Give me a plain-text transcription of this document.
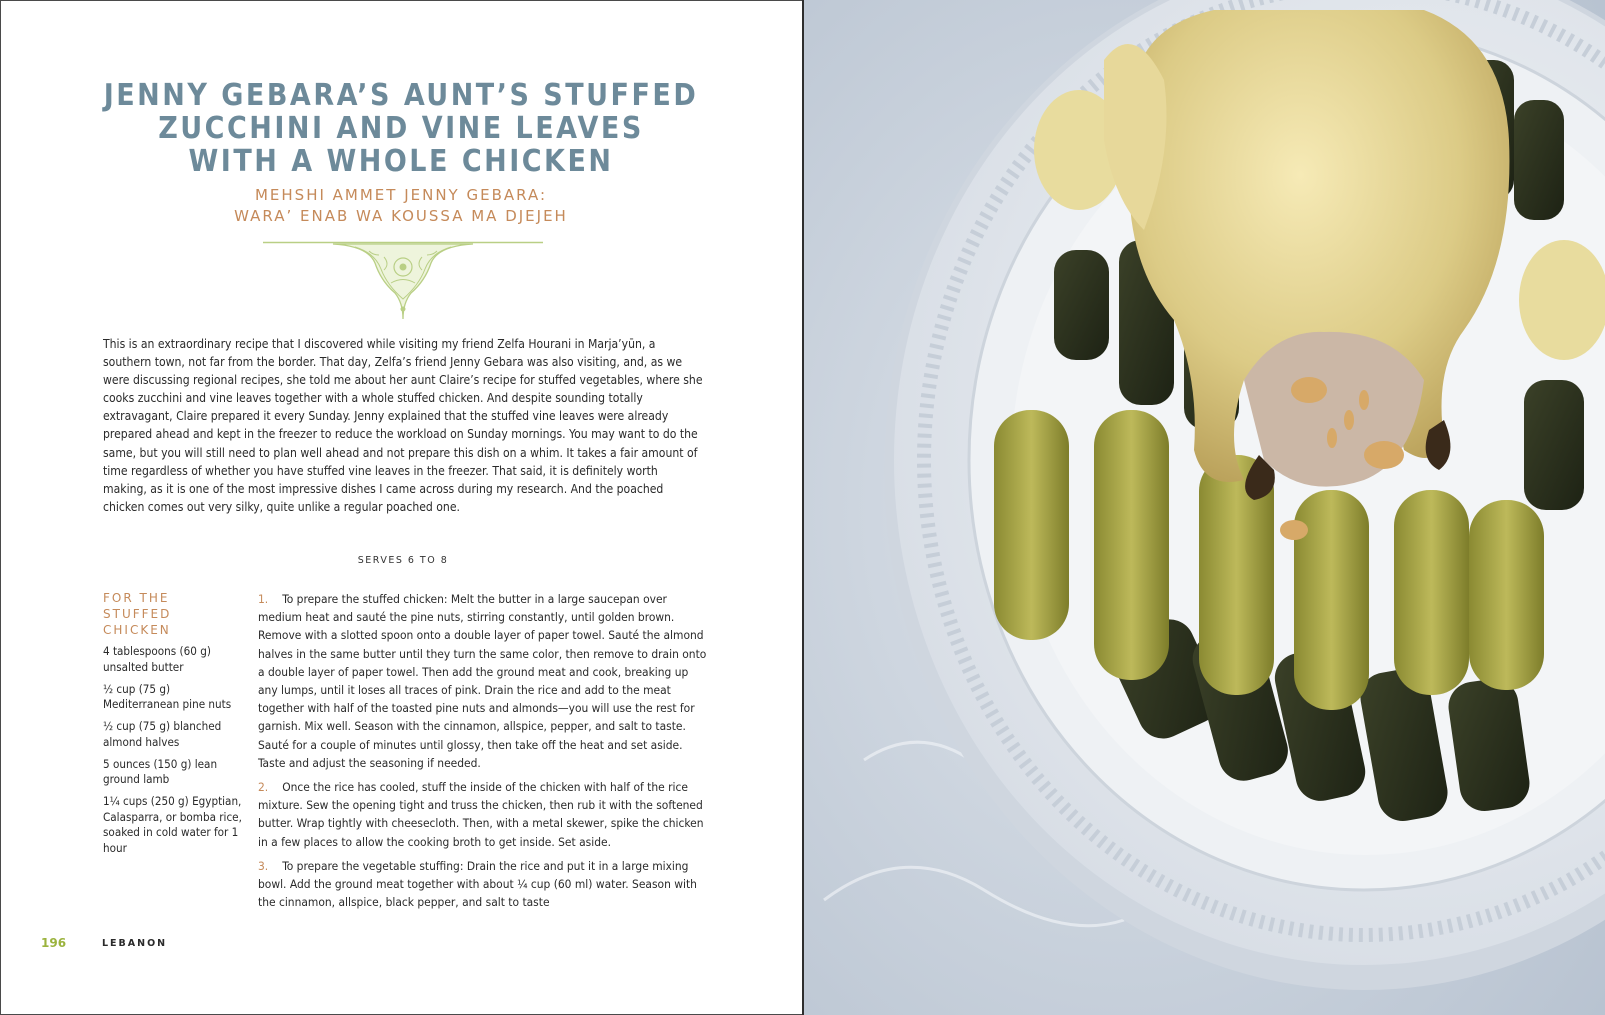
JENNY GEBARA’S AUNT’S STUFFED
ZUCCHINI AND VINE LEAVES
WITH A WHOLE CHICKEN
MEHSHI AMMET JENNY GEBARA:
WARA’ ENAB WA KOUSSA MA DJEJEH

This is an extraordinary recipe that I discovered while visiting my friend Zelfa Hourani in Marja’yūn, a southern town, not far from the border. That day, Zelfa’s friend Jenny Gebara was also visiting, and, as we were discussing regional recipes, she told me about her aunt Claire’s recipe for stuffed vegetables, where she cooks zucchini and vine leaves together with a whole stuffed chicken. And despite sounding totally extravagant, Claire prepared it every Sunday. Jenny explained that the stuffed vine leaves were already prepared ahead and kept in the freezer to reduce the workload on Sunday mornings. You may want to do the same, but you will still need to plan well ahead and not prepare this dish on a whim. It takes a fair amount of time regardless of whether you have stuffed vine leaves in the freezer. That said, it is definitely worth making, as it is one of the most impressive dishes I came across during my research. And the poached chicken comes out very silky, quite unlike a regular poached one.

SERVES 6 TO 8
FOR THE
STUFFED
CHICKEN
4 tablespoons (60 g) unsalted butter
½ cup (75 g) Mediterranean pine nuts
½ cup (75 g) blanched almond halves
5 ounces (150 g) lean ground lamb
1¼ cups (250 g) Egyptian, Calasparra, or bomba rice, soaked in cold water for 1 hour
1. To prepare the stuffed chicken: Melt the butter in a large saucepan over medium heat and sauté the pine nuts, stirring constantly, until golden brown. Remove with a slotted spoon onto a double layer of paper towel. Sauté the almond halves in the same butter until they turn the same color, then remove to drain onto a double layer of paper towel. Then add the ground meat and cook, breaking up any lumps, until it loses all traces of pink. Drain the rice and add to the meat together with half of the toasted pine nuts and almonds—you will use the rest for garnish. Mix well. Season with the cinnamon, allspice, pepper, and salt to taste. Sauté for a couple of minutes until glossy, then take off the heat and set aside. Taste and adjust the seasoning if needed.
2. Once the rice has cooled, stuff the inside of the chicken with half of the rice mixture. Sew the opening tight and truss the chicken, then rub it with the softened butter. Wrap tightly with cheesecloth. Then, with a metal skewer, spike the chicken in a few places to allow the cooking broth to get inside. Set aside.
3. To prepare the vegetable stuffing: Drain the rice and put it in a large mixing bowl. Add the ground meat together with about ¼ cup (60 ml) water. Season with the cinnamon, allspice, black pepper, and salt to taste
196	LEBANON
